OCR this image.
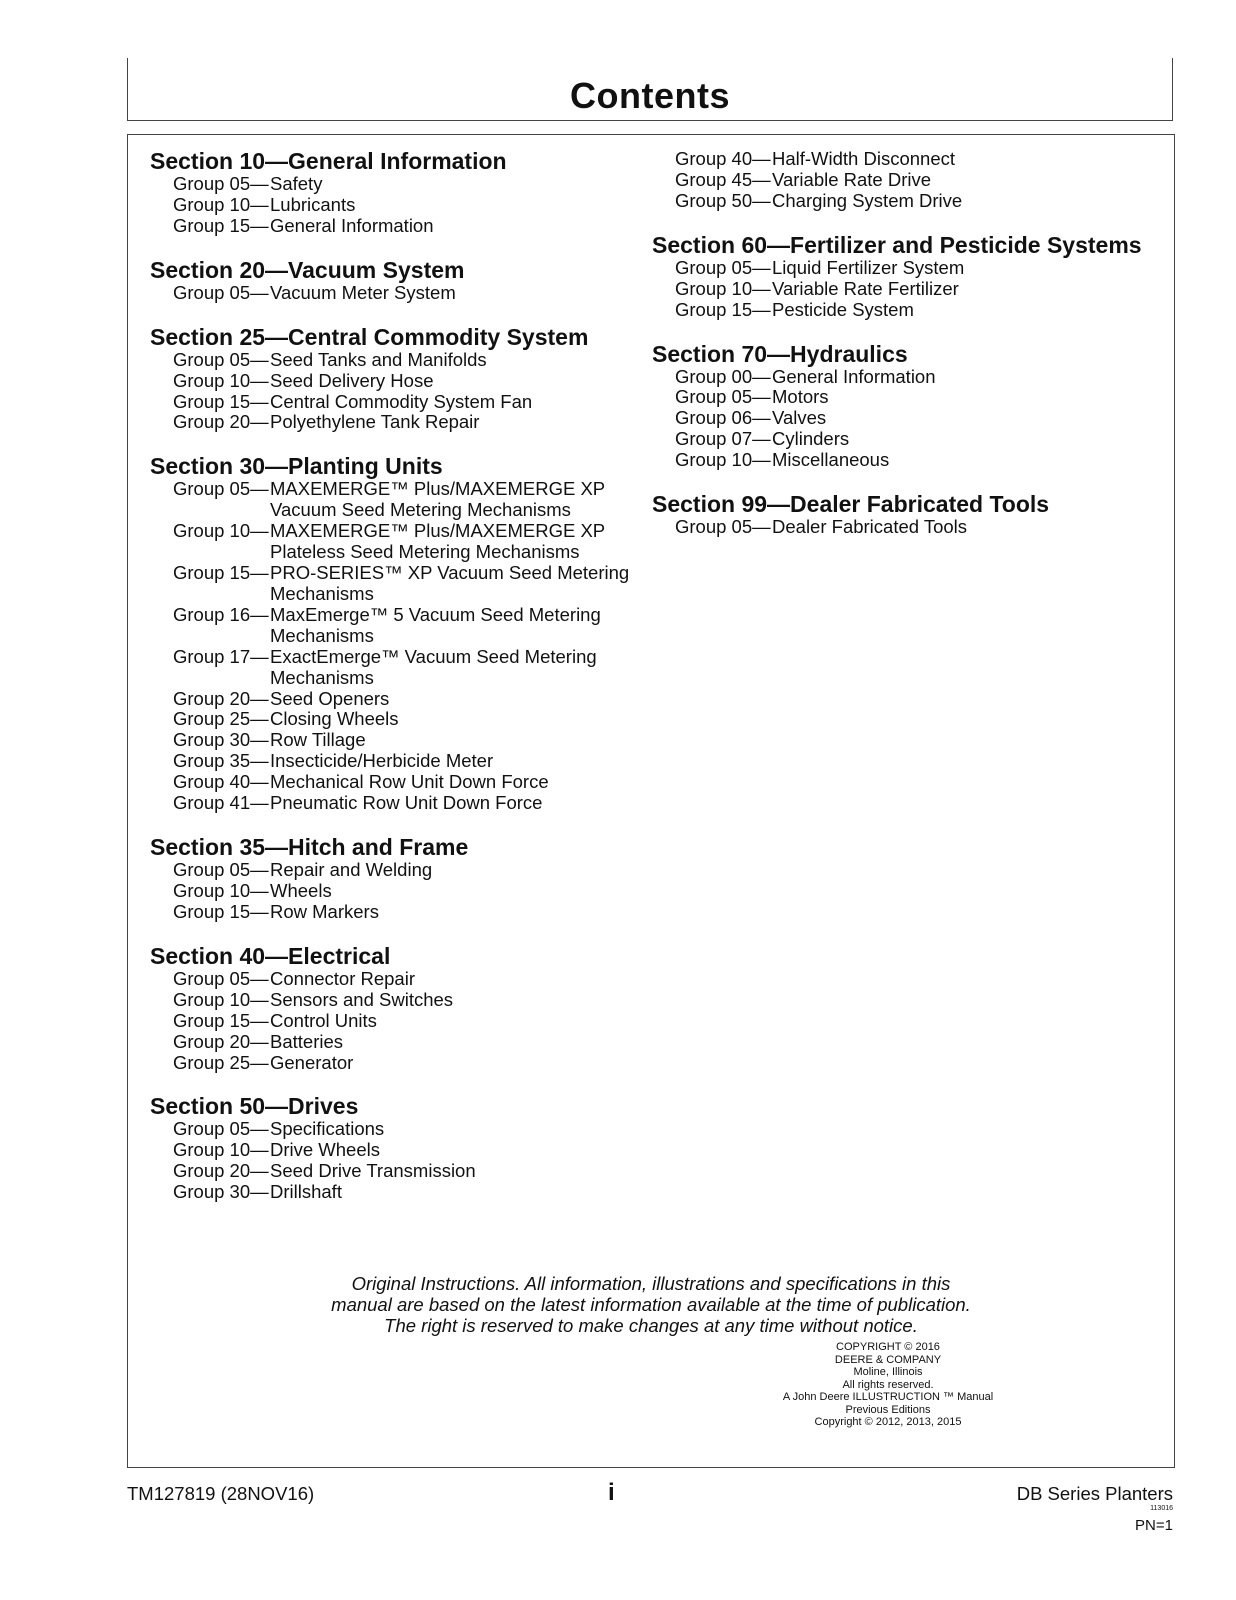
Contents
Section 10—General Information
Group 05— Safety
Group 10— Lubricants
Group 15— General Information
Section 20—Vacuum System
Group 05— Vacuum Meter System
Section 25—Central Commodity System
Group 05— Seed Tanks and Manifolds
Group 10— Seed Delivery Hose
Group 15— Central Commodity System Fan
Group 20— Polyethylene Tank Repair
Section 30—Planting Units
Group 05— MAXEMERGE™ Plus/MAXEMERGE XP Vacuum Seed Metering Mechanisms
Group 10— MAXEMERGE™ Plus/MAXEMERGE XP Plateless Seed Metering Mechanisms
Group 15— PRO-SERIES™ XP Vacuum Seed Metering Mechanisms
Group 16— MaxEmerge™ 5 Vacuum Seed Metering Mechanisms
Group 17— ExactEmerge™ Vacuum Seed Metering Mechanisms
Group 20— Seed Openers
Group 25— Closing Wheels
Group 30— Row Tillage
Group 35— Insecticide/Herbicide Meter
Group 40— Mechanical Row Unit Down Force
Group 41— Pneumatic Row Unit Down Force
Section 35—Hitch and Frame
Group 05— Repair and Welding
Group 10— Wheels
Group 15— Row Markers
Section 40—Electrical
Group 05— Connector Repair
Group 10— Sensors and Switches
Group 15— Control Units
Group 20— Batteries
Group 25— Generator
Section 50—Drives
Group 05— Specifications
Group 10— Drive Wheels
Group 20— Seed Drive Transmission
Group 30— Drillshaft
Group 40— Half-Width Disconnect
Group 45— Variable Rate Drive
Group 50— Charging System Drive
Section 60—Fertilizer and Pesticide Systems
Group 05— Liquid Fertilizer System
Group 10— Variable Rate Fertilizer
Group 15— Pesticide System
Section 70—Hydraulics
Group 00— General Information
Group 05— Motors
Group 06— Valves
Group 07— Cylinders
Group 10— Miscellaneous
Section 99—Dealer Fabricated Tools
Group 05— Dealer Fabricated Tools
Original Instructions. All information, illustrations and specifications in this
manual are based on the latest information available at the time of publication.
The right is reserved to make changes at any time without notice.
COPYRIGHT © 2016
DEERE & COMPANY
Moline, Illinois
All rights reserved.
A John Deere ILLUSTRUCTION ™ Manual
Previous Editions
Copyright © 2012, 2013, 2015
TM127819 (28NOV16)	i	DB Series Planters
113016
PN=1
